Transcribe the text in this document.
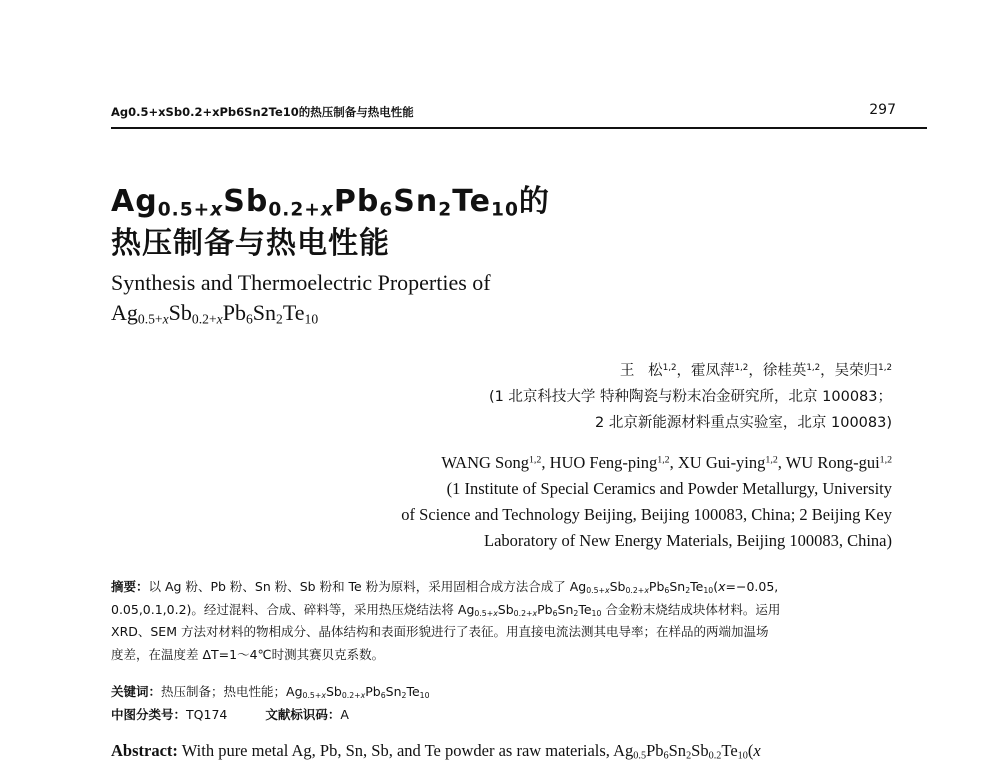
Ag0.5+xSb0.2+xPb6Sn2Te10的热压制备与热电性能	297
$Ag_{0.5+x}Sb_{0.2+x}Pb_6Sn_2Te_{10}$的
热压制备与热电性能
Synthesis and Thermoelectric Properties of
$Ag_{0.5+x}Sb_{0.2+x}Pb_6Sn_2Te_{10}$
王   松$^{1,2}$，霍凤萍$^{1,2}$，徐桂英$^{1,2}$，吴荣归$^{1,2}$
(1 北京科技大学 特种陶瓷与粉末冶金研究所，北京 100083；
2 北京新能源材料重点实验室，北京 100083)
WANG Song$^{1,2}$, HUO Feng-ping$^{1,2}$, XU Gui-ying$^{1,2}$, WU Rong-gui$^{1,2}$
(1 Institute of Special Ceramics and Powder Metallurgy, University
of Science and Technology Beijing, Beijing 100083, China; 2 Beijing Key
Laboratory of New Energy Materials, Beijing 100083, China)
摘要：以 Ag 粉、Pb 粉、Sn 粉、Sb 粉和 Te 粉为原料，采用固相合成方法合成了 $Ag_{0.5+x}Sb_{0.2+x}Pb_6Sn_2Te_{10}(x=-0.05$,
0.05,0.1,0.2)。经过混料、合成、碎料等，采用热压烧结法将 $Ag_{0.5+x}Sb_{0.2+x}Pb_6Sn_2Te_{10}$ 合金粉末烧结成块体材料。运用
XRD、SEM 方法对材料的物相成分、晶体结构和表面形貌进行了表征。用直接电流法测其电导率；在样品的两端加温场
度差，在温度差 ΔT=1～4℃时测其赛贝克系数。
关键词：热压制备；热电性能；$Ag_{0.5+x}Sb_{0.2+x}Pb_6Sn_2Te_{10}$
中图分类号：TQ174	文献标识码：A
Abstract: With pure metal Ag, Pb, Sn, Sb, and Te powder as raw materials, $Ag_{0.5}Pb_6Sn_2Sb_{0.2}Te_{10}(x$
